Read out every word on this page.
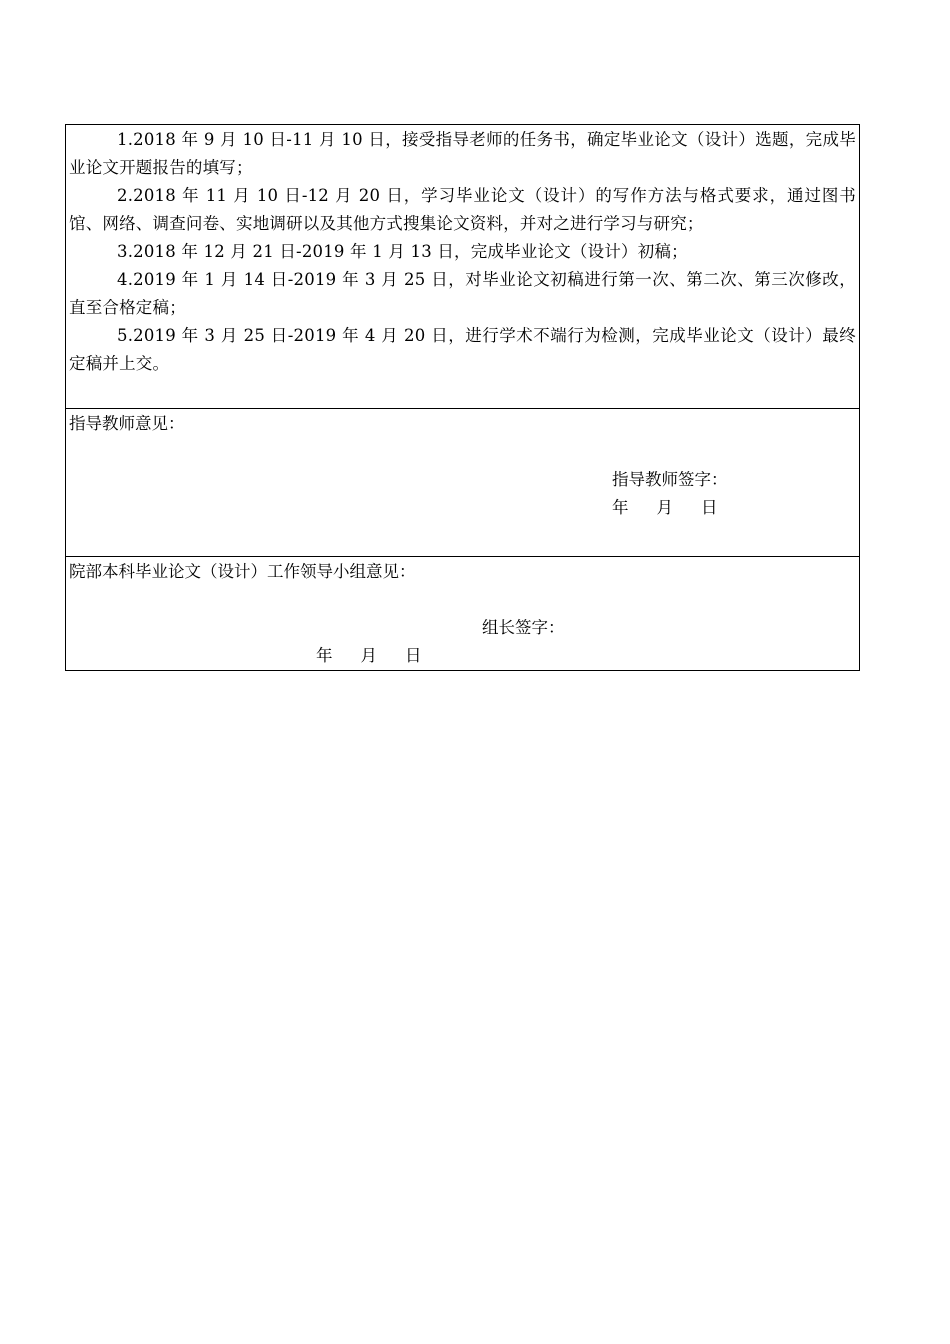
1.2018 年 9 月 10 日-11 月 10 日，接受指导老师的任务书，确定毕业论文（设计）选题，完成毕业论文开题报告的填写；

2.2018 年 11 月 10 日-12 月 20 日，学习毕业论文（设计）的写作方法与格式要求，通过图书馆、网络、调查问卷、实地调研以及其他方式搜集论文资料，并对之进行学习与研究；

3.2018 年 12 月 21 日-2019 年 1 月 13 日，完成毕业论文（设计）初稿；

4.2019 年 1 月 14 日-2019 年 3 月 25 日，对毕业论文初稿进行第一次、第二次、第三次修改，直至合格定稿；

5.2019 年 3 月 25 日-2019 年 4 月 20 日，进行学术不端行为检测，完成毕业论文（设计）最终定稿并上交。

指导教师意见：
指导教师签字：
年 月 日
院部本科毕业论文（设计）工作领导小组意见：
组长签字：
年 月 日
